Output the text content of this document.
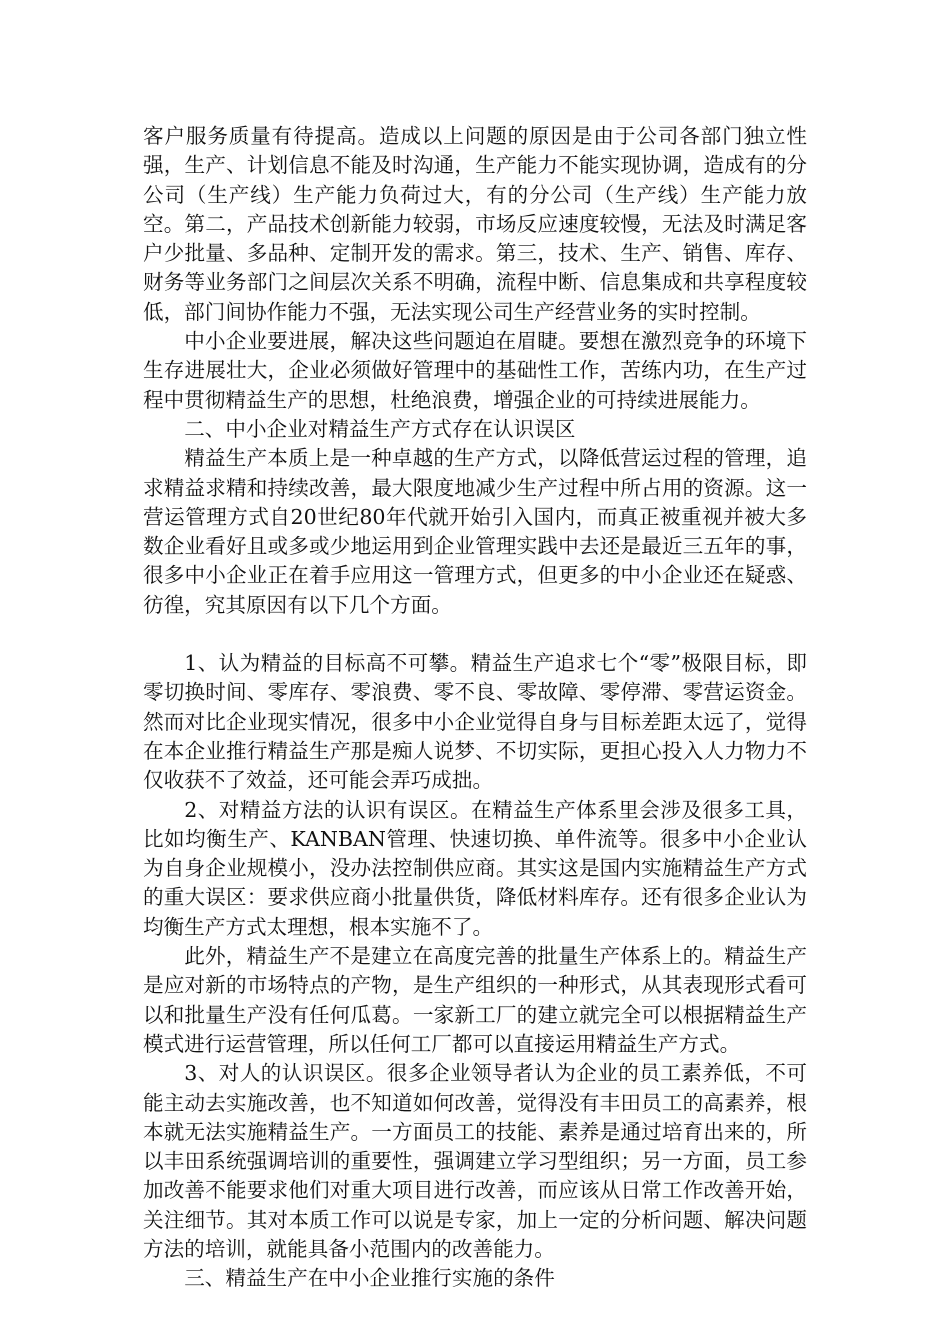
客户服务质量有待提高。造成以上问题的原因是由于公司各部门独立性强，生产、计划信息不能及时沟通，生产能力不能实现协调，造成有的分公司（生产线）生产能力负荷过大，有的分公司（生产线）生产能力放空。第二，产品技术创新能力较弱，市场反应速度较慢，无法及时满足客户少批量、多品种、定制开发的需求。第三，技术、生产、销售、库存、财务等业务部门之间层次关系不明确，流程中断、信息集成和共享程度较低，部门间协作能力不强，无法实现公司生产经营业务的实时控制。

中小企业要进展，解决这些问题迫在眉睫。要想在激烈竞争的环境下生存进展壮大，企业必须做好管理中的基础性工作，苦练内功，在生产过程中贯彻精益生产的思想，杜绝浪费，增强企业的可持续进展能力。

二、中小企业对精益生产方式存在认识误区

精益生产本质上是一种卓越的生产方式，以降低营运过程的管理，追求精益求精和持续改善，最大限度地减少生产过程中所占用的资源。这一营运管理方式自20世纪80年代就开始引入国内，而真正被重视并被大多数企业看好且或多或少地运用到企业管理实践中去还是最近三五年的事，很多中小企业正在着手应用这一管理方式，但更多的中小企业还在疑惑、彷徨，究其原因有以下几个方面。

1、认为精益的目标高不可攀。精益生产追求七个“零”极限目标，即零切换时间、零库存、零浪费、零不良、零故障、零停滞、零营运资金。然而对比企业现实情况，很多中小企业觉得自身与目标差距太远了，觉得在本企业推行精益生产那是痴人说梦、不切实际，更担心投入人力物力不仅收获不了效益，还可能会弄巧成拙。

2、对精益方法的认识有误区。在精益生产体系里会涉及很多工具，比如均衡生产、KANBAN管理、快速切换、单件流等。很多中小企业认为自身企业规模小，没办法控制供应商。其实这是国内实施精益生产方式的重大误区：要求供应商小批量供货，降低材料库存。还有很多企业认为均衡生产方式太理想，根本实施不了。

此外，精益生产不是建立在高度完善的批量生产体系上的。精益生产是应对新的市场特点的产物，是生产组织的一种形式，从其表现形式看可以和批量生产没有任何瓜葛。一家新工厂的建立就完全可以根据精益生产模式进行运营管理，所以任何工厂都可以直接运用精益生产方式。

3、对人的认识误区。很多企业领导者认为企业的员工素养低，不可能主动去实施改善，也不知道如何改善，觉得没有丰田员工的高素养，根本就无法实施精益生产。一方面员工的技能、素养是通过培育出来的，所以丰田系统强调培训的重要性，强调建立学习型组织；另一方面，员工参加改善不能要求他们对重大项目进行改善，而应该从日常工作改善开始，关注细节。其对本质工作可以说是专家，加上一定的分析问题、解决问题方法的培训，就能具备小范围内的改善能力。

三、精益生产在中小企业推行实施的条件
